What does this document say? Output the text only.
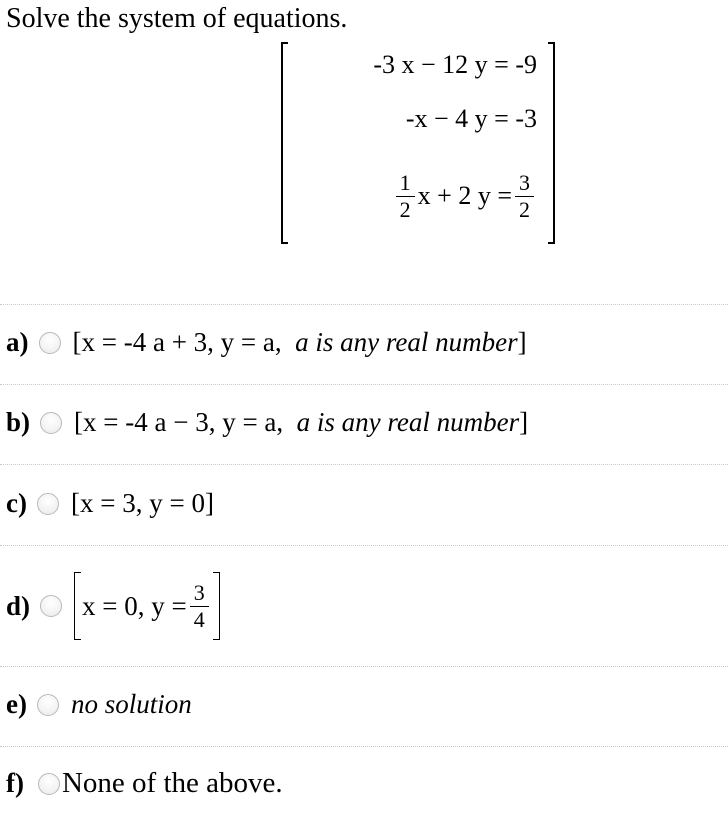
Solve the system of equations.
-3 x − 12 y
= -9
-x − 4 y
= -3
$\frac{1}{2}$ x + 2 $y = \frac{3}{2}$
a) [ x = -4 a + 3, y = a,
a is any real number ]
b) [ x = -4 a − 3, y = a,
a is any real number ]
c) [ x = 3, y = 0 ]
d) x = 0, $y = \frac{3}{4}$
e) no solution
f) None of the above.
